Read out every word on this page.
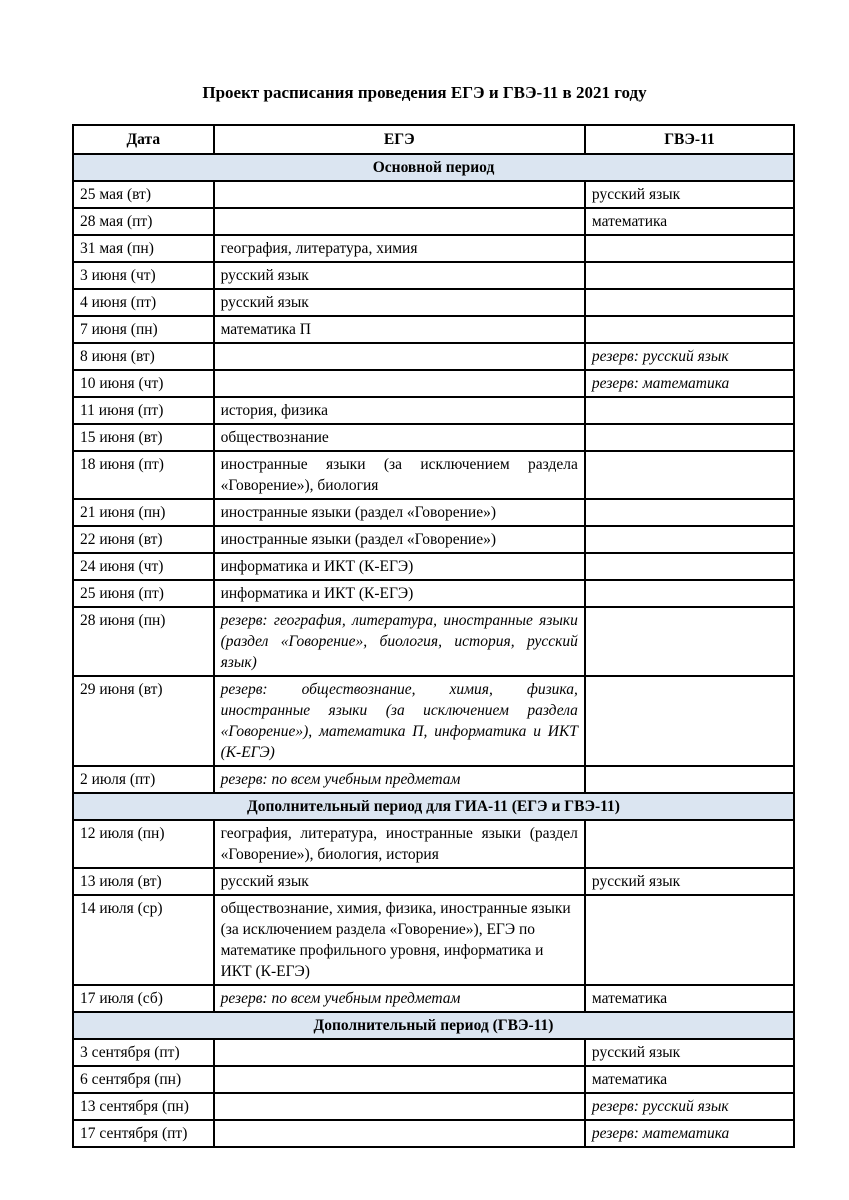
Проект расписания проведения ЕГЭ и ГВЭ-11 в 2021 году
Дата	ЕГЭ	ГВЭ-11
Основной период		
25 мая (вт)		русский язык
28 мая (пт)		математика
31 мая (пн)	география, литература, химия	
3 июня (чт)	русский язык	
4 июня (пт)	русский язык	
7 июня (пн)	математика П	
8 июня (вт)		резерв: русский язык
10 июня (чт)		резерв: математика
11 июня (пт)	история, физика	
15 июня (вт)	обществознание	
18 июня (пт)	иностранные языки (за исключением раздела «Говорение»), биология	
21 июня (пн)	иностранные языки (раздел «Говорение»)	
22 июня (вт)	иностранные языки (раздел «Говорение»)	
24 июня (чт)	информатика и ИКТ (К-ЕГЭ)	
25 июня (пт)	информатика и ИКТ (К-ЕГЭ)	
28 июня (пн)	резерв: география, литература, иностранные языки (раздел «Говорение», биология, история, русский язык)	
29 июня (вт)	резерв: обществознание, химия, физика, иностранные языки (за исключением раздела «Говорение»), математика П, информатика и ИКТ (К-ЕГЭ)	
2 июля (пт)	резерв: по всем учебным предметам	
Дополнительный период для ГИА-11 (ЕГЭ и ГВЭ-11)		
12 июля (пн)	география, литература, иностранные языки (раздел «Говорение»), биология, история	
13 июля (вт)	русский язык	русский язык
14 июля (ср)	обществознание, химия, физика, иностранные языки (за исключением раздела «Говорение»), ЕГЭ по математике профильного уровня, информатика и ИКТ (К-ЕГЭ)	
17 июля (сб)	резерв: по всем учебным предметам	математика
Дополнительный период (ГВЭ-11)		
3 сентября (пт)		русский язык
6 сентября (пн)		математика
13 сентября (пн)		резерв: русский язык
17 сентября (пт)		резерв: математика
